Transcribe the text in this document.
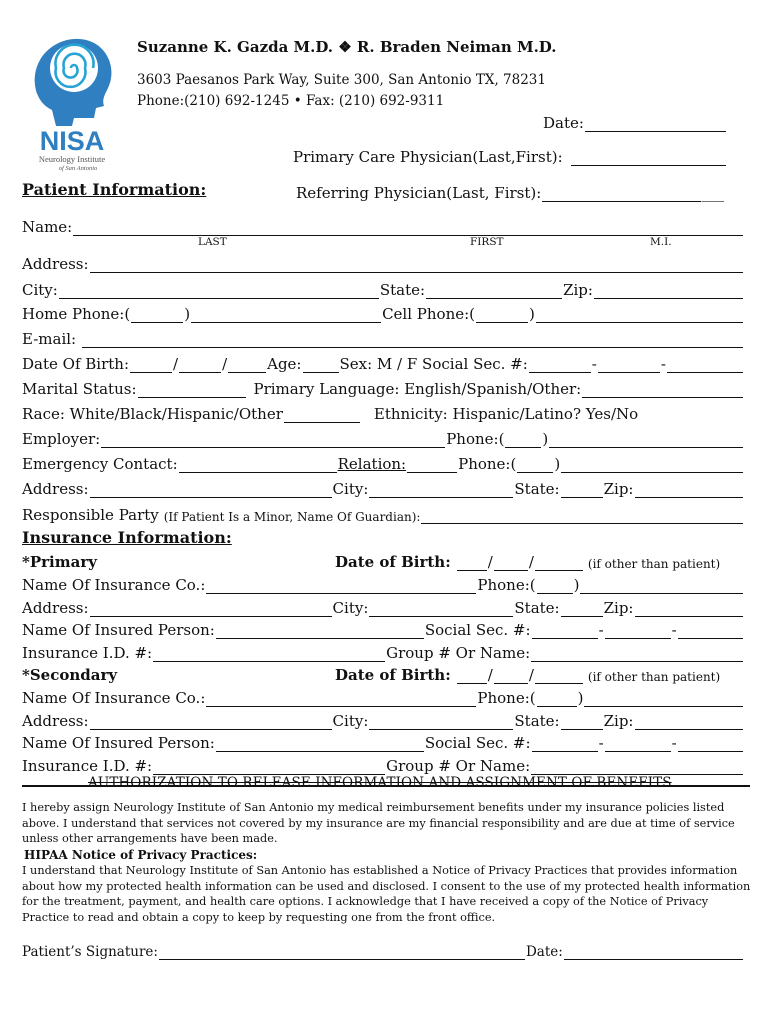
NISA
Neurology Institute
of San Antonio
Suzanne K. Gazda M.D. ❖ R. Braden Neiman M.D.
3603 Paesanos Park Way, Suite 300, San Antonio TX, 78231
Phone:(210) 692-1245 • Fax: (210) 692-9311
Date:
Primary Care Physician(Last,First):
Patient Information:	Referring Physician(Last, First):	___
Name:
LAST	FIRST	M.I.
Address:
City:	State:	Zip:
Home Phone:(	)	Cell Phone:(	)
E-mail:
Date Of Birth:	/	/	Age:	Sex: M / F Social Sec. #:	-	-
Marital Status:	Primary Language: English/Spanish/Other:
Race: White/Black/Hispanic/Other	Ethnicity: Hispanic/Latino? Yes/No
Employer:	Phone:(	)
Emergency Contact:	Relation:	Phone:(	)
Address:	City:	State:	Zip:
Responsible Party (If Patient Is a Minor, Name Of Guardian):
Insurance Information:
*Primary	Date of Birth: / /	(if other than patient)
Name Of Insurance Co.:	Phone:(	)
Address:	City:	State:	Zip:
Name Of Insured Person:	Social Sec. #:	-	-
Insurance I.D. #:	Group # Or Name:
*Secondary	Date of Birth: / /	(if other than patient)
Name Of Insurance Co.:	Phone:(	)
Address:	City:	State:	Zip:
Name Of Insured Person:	Social Sec. #:	-	-
Insurance I.D. #:	Group # Or Name:
AUTHORIZATION TO RELEASE INFORMATION AND ASSIGNMENT OF BENEFITS
I hereby assign Neurology Institute of San Antonio my medical reimbursement benefits under my insurance policies listed above. I understand that services not covered by my insurance are my financial responsibility and are due at time of service unless other arrangements have been made.
HIPAA Notice of Privacy Practices:
I understand that Neurology Institute of San Antonio has established a Notice of Privacy Practices that provides information about how my protected health information can be used and disclosed. I consent to the use of my protected health information for the treatment, payment, and health care options. I acknowledge that I have received a copy of the Notice of Privacy Practice to read and obtain a copy to keep by requesting one from the front office.
Patient’s Signature:	Date:
